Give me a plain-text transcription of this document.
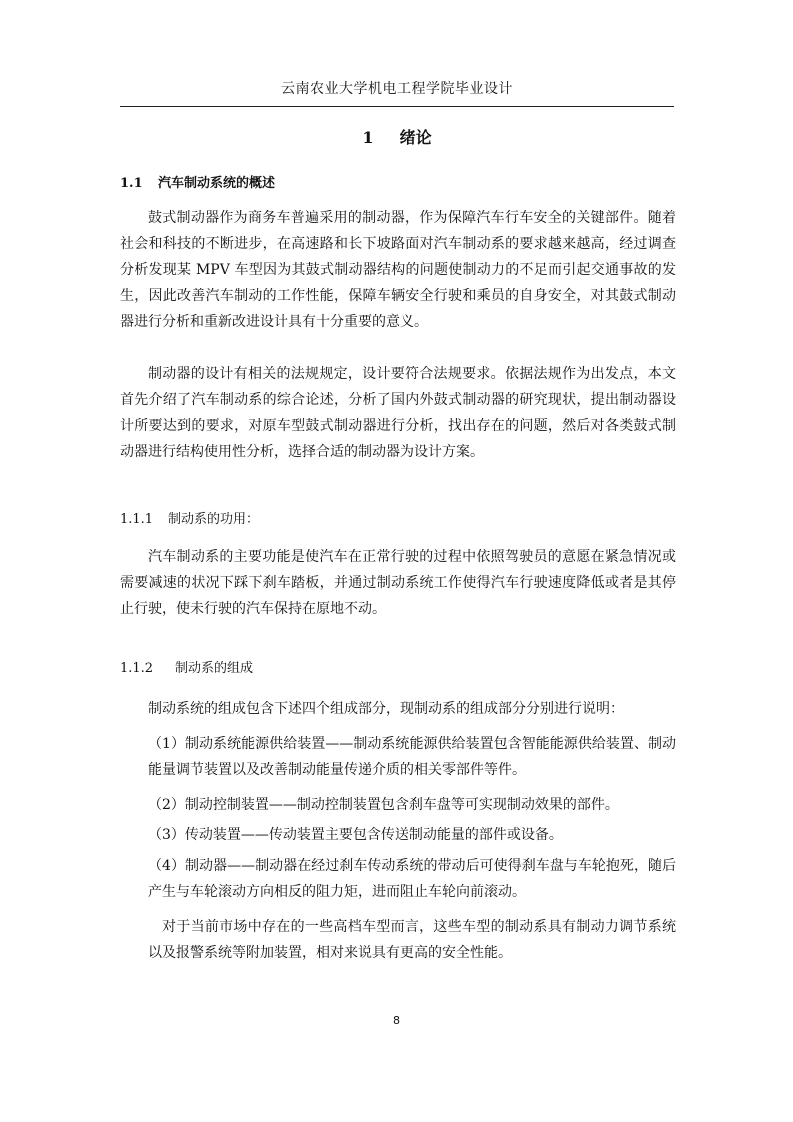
云南农业大学机电工程学院毕业设计
1 绪论
1.1 汽车制动系统的概述

鼓式制动器作为商务车普遍采用的制动器，作为保障汽车行车安全的关键部件。随着社会和科技的不断进步，在高速路和长下坡路面对汽车制动系的要求越来越高，经过调查分析发现某 MPV 车型因为其鼓式制动器结构的问题使制动力的不足而引起交通事故的发生，因此改善汽车制动的工作性能，保障车辆安全行驶和乘员的自身安全，对其鼓式制动器进行分析和重新改进设计具有十分重要的意义。

制动器的设计有相关的法规规定，设计要符合法规要求。依据法规作为出发点，本文首先介绍了汽车制动系的综合论述，分析了国内外鼓式制动器的研究现状，提出制动器设计所要达到的要求，对原车型鼓式制动器进行分析，找出存在的问题，然后对各类鼓式制动器进行结构使用性分析，选择合适的制动器为设计方案。

1.1.1 制动系的功用：

汽车制动系的主要功能是使汽车在正常行驶的过程中依照驾驶员的意愿在紧急情况或需要减速的状况下踩下刹车踏板，并通过制动系统工作使得汽车行驶速度降低或者是其停止行驶，使未行驶的汽车保持在原地不动。

1.1.2 制动系的组成

制动系统的组成包含下述四个组成部分，现制动系的组成部分分别进行说明：

（1）制动系统能源供给装置——制动系统能源供给装置包含智能能源供给装置、制动能量调节装置以及改善制动能量传递介质的相关零部件等件。

（2）制动控制装置——制动控制装置包含刹车盘等可实现制动效果的部件。

（3）传动装置——传动装置主要包含传送制动能量的部件或设备。

（4）制动器——制动器在经过刹车传动系统的带动后可使得刹车盘与车轮抱死，随后产生与车轮滚动方向相反的阻力矩，进而阻止车轮向前滚动。

对于当前市场中存在的一些高档车型而言，这些车型的制动系具有制动力调节系统以及报警系统等附加装置，相对来说具有更高的安全性能。

8
